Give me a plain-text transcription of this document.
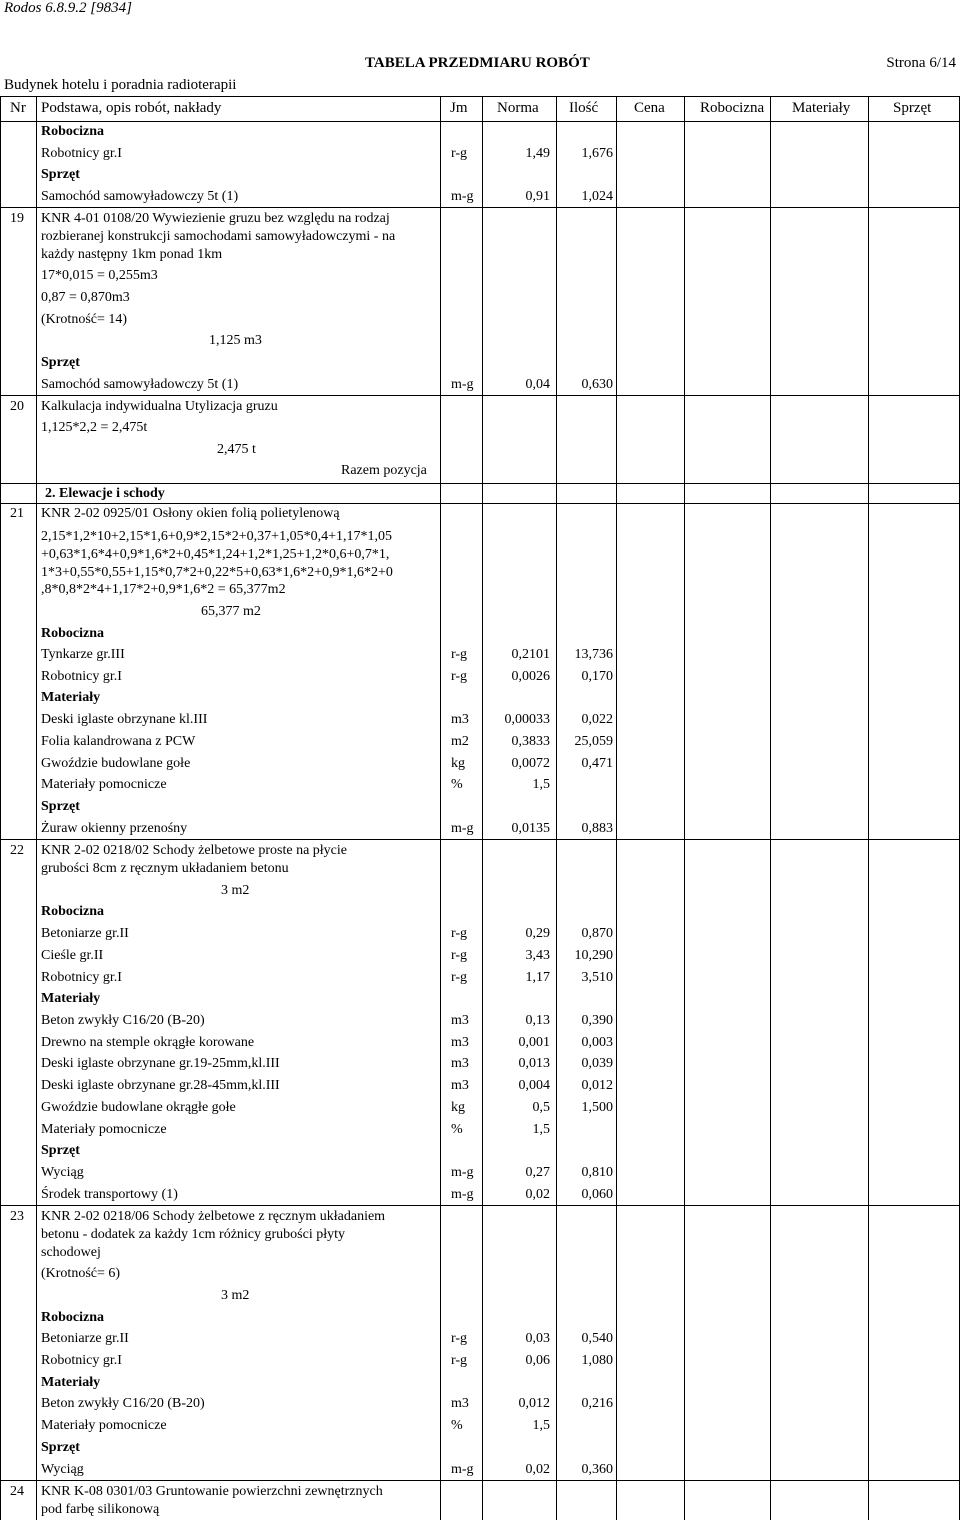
Rodos 6.8.9.2 [9834]
TABELA PRZEDMIARU ROBÓT	Strona 6/14
Budynek hotelu i poradnia radioterapii
Nr Podstawa, opis robót, nakłady	Jm Norma Ilość Cena Robocizna Materiały	Sprzęt
Robocizna
Robotnicy gr.I	r-g	1,49 1,676
Sprzęt
Samochód samowyładowczy 5t (1)	m-g	0,91 1,024
19 KNR 4-01 0108/20 Wywiezienie gruzu bez względu na rodzaj
rozbieranej konstrukcji samochodami samowyładowczymi - na
każdy następny 1km ponad 1km
17*0,015 = 0,255m3
0,87 = 0,870m3
(Krotność= 14)
1,125 m3
Sprzęt
Samochód samowyładowczy 5t (1)	m-g	0,04 0,630
20 Kalkulacja indywidualna Utylizacja gruzu
1,125*2,2 = 2,475t
2,475 t
Razem pozycja
2. Elewacje i schody
21 KNR 2-02 0925/01 Osłony okien folią polietylenową
2,15*1,2*10+2,15*1,6+0,9*2,15*2+0,37+1,05*0,4+1,17*1,05
+0,63*1,6*4+0,9*1,6*2+0,45*1,24+1,2*1,25+1,2*0,6+0,7*1,
1*3+0,55*0,55+1,15*0,7*2+0,22*5+0,63*1,6*2+0,9*1,6*2+0
,8*0,8*2*4+1,17*2+0,9*1,6*2 = 65,377m2
65,377 m2
Robocizna
Tynkarze gr.III	r-g	0,2101 13,736
Robotnicy gr.I	r-g	0,0026 0,170
Materiały
Deski iglaste obrzynane kl.III	m3	0,00033 0,022
Folia kalandrowana z PCW	m2	0,3833 25,059
Gwoździe budowlane gołe	kg	0,0072 0,471
Materiały pomocnicze	%	1,5
Sprzęt
Żuraw okienny przenośny	m-g	0,0135 0,883
22 KNR 2-02 0218/02 Schody żelbetowe proste na płycie
grubości 8cm z ręcznym układaniem betonu
3 m2
Robocizna
Betoniarze gr.II	r-g	0,29 0,870
Cieśle gr.II	r-g	3,43 10,290
Robotnicy gr.I	r-g	1,17 3,510
Materiały
Beton zwykły C16/20 (B-20)	m3	0,13 0,390
Drewno na stemple okrągłe korowane	m3	0,001 0,003
Deski iglaste obrzynane gr.19-25mm,kl.III	m3	0,013 0,039
Deski iglaste obrzynane gr.28-45mm,kl.III	m3	0,004 0,012
Gwoździe budowlane okrągłe gołe	kg	0,5 1,500
Materiały pomocnicze	%	1,5
Sprzęt
Wyciąg	m-g	0,27 0,810
Środek transportowy (1)	m-g	0,02 0,060
23 KNR 2-02 0218/06 Schody żelbetowe z ręcznym układaniem
betonu - dodatek za każdy 1cm różnicy grubości płyty
schodowej
(Krotność= 6)
3 m2
Robocizna
Betoniarze gr.II	r-g	0,03 0,540
Robotnicy gr.I	r-g	0,06 1,080
Materiały
Beton zwykły C16/20 (B-20)	m3	0,012 0,216
Materiały pomocnicze	%	1,5
Sprzęt
Wyciąg	m-g	0,02 0,360
24 KNR K-08 0301/03 Gruntowanie powierzchni zewnętrznych
pod farbę silikonową
